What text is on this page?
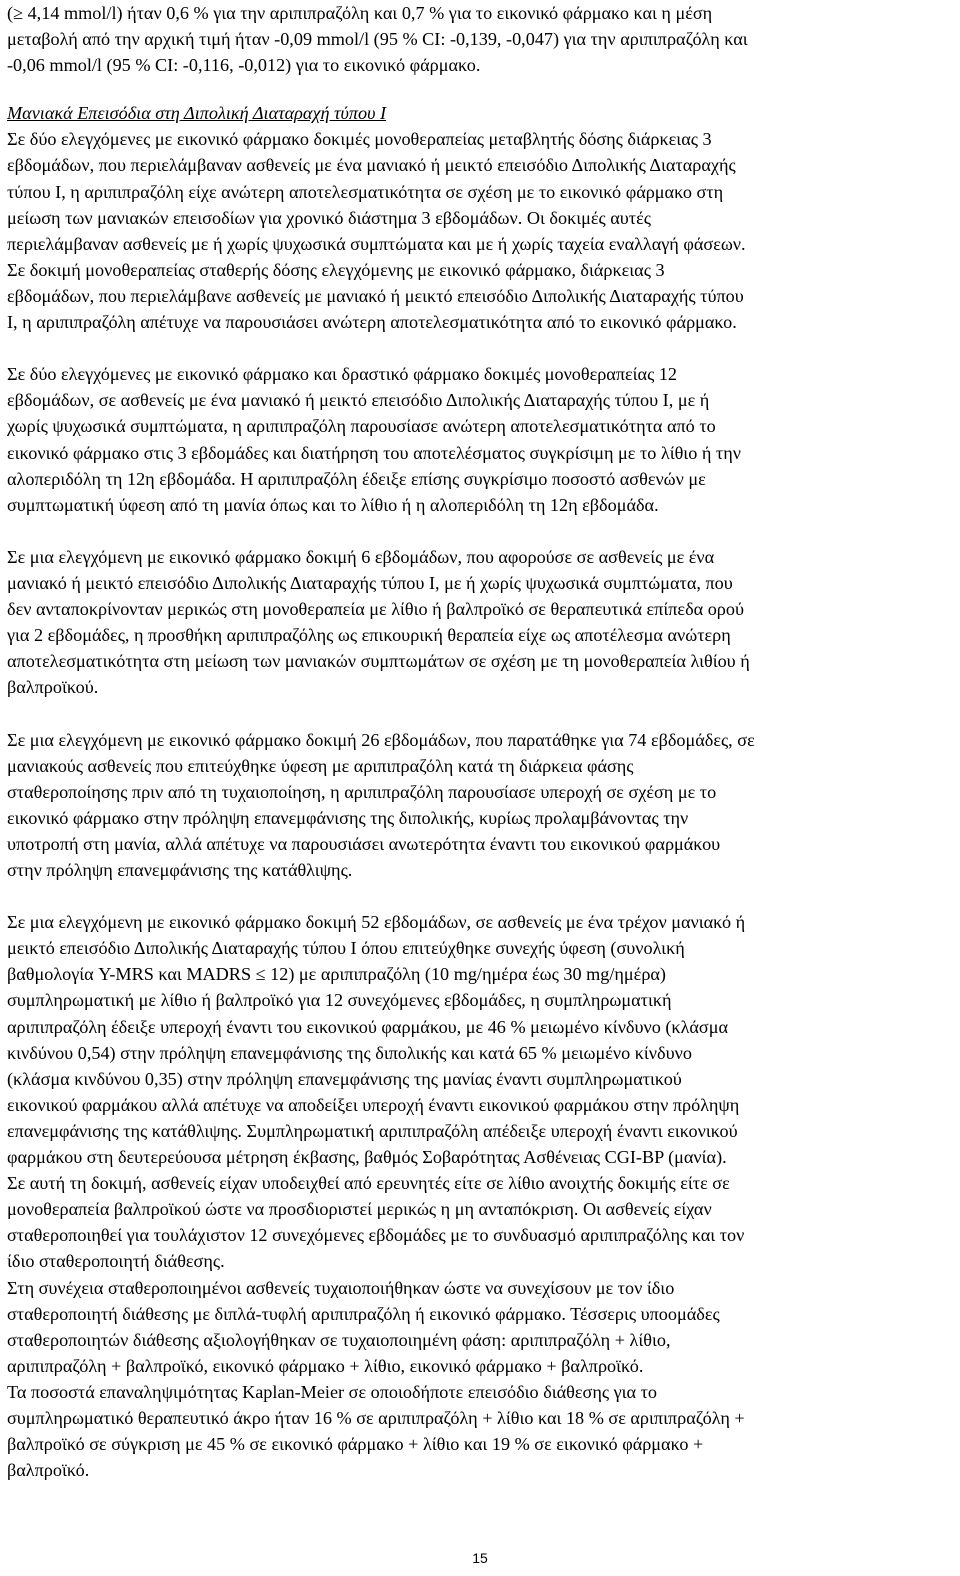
(≥ 4,14 mmol/l) ήταν 0,6 % για την αριπιπραζόλη και 0,7 % για το εικονικό φάρμακο και η μέση
μεταβολή από την αρχική τιμή ήταν -0,09 mmol/l (95 % CI: -0,139, -0,047) για την αριπιπραζόλη και
-0,06 mmol/l (95 % CI: -0,116, -0,012) για το εικονικό φάρμακο.
Μανιακά Επεισόδια στη Διπολική Διαταραχή τύπου Ι
Σε δύο ελεγχόμενες με εικονικό φάρμακο δοκιμές μονοθεραπείας μεταβλητής δόσης διάρκειας 3
εβδομάδων, που περιελάμβαναν ασθενείς με ένα μανιακό ή μεικτό επεισόδιο Διπολικής Διαταραχής
τύπου Ι, η αριπιπραζόλη είχε ανώτερη αποτελεσματικότητα σε σχέση με το εικονικό φάρμακο στη
μείωση των μανιακών επεισοδίων για χρονικό διάστημα 3 εβδομάδων. Οι δοκιμές αυτές
περιελάμβαναν ασθενείς με ή χωρίς ψυχωσικά συμπτώματα και με ή χωρίς ταχεία εναλλαγή φάσεων.
Σε δοκιμή μονοθεραπείας σταθερής δόσης ελεγχόμενης με εικονικό φάρμακο, διάρκειας 3
εβδομάδων, που περιελάμβανε ασθενείς με μανιακό ή μεικτό επεισόδιο Διπολικής Διαταραχής τύπου
Ι, η αριπιπραζόλη απέτυχε να παρουσιάσει ανώτερη αποτελεσματικότητα από το εικονικό φάρμακο.
Σε δύο ελεγχόμενες με εικονικό φάρμακο και δραστικό φάρμακο δοκιμές μονοθεραπείας 12
εβδομάδων, σε ασθενείς με ένα μανιακό ή μεικτό επεισόδιο Διπολικής Διαταραχής τύπου Ι, με ή
χωρίς ψυχωσικά συμπτώματα, η αριπιπραζόλη παρουσίασε ανώτερη αποτελεσματικότητα από το
εικονικό φάρμακο στις 3 εβδομάδες και διατήρηση του αποτελέσματος συγκρίσιμη με το λίθιο ή την
αλοπεριδόλη τη 12η εβδομάδα. Η αριπιπραζόλη έδειξε επίσης συγκρίσιμο ποσοστό ασθενών με
συμπτωματική ύφεση από τη μανία όπως και το λίθιο ή η αλοπεριδόλη τη 12η εβδομάδα.
Σε μια ελεγχόμενη με εικονικό φάρμακο δοκιμή 6 εβδομάδων, που αφορούσε σε ασθενείς με ένα
μανιακό ή μεικτό επεισόδιο Διπολικής Διαταραχής τύπου Ι, με ή χωρίς ψυχωσικά συμπτώματα, που
δεν ανταποκρίνονταν μερικώς στη μονοθεραπεία με λίθιο ή βαλπροϊκό σε θεραπευτικά επίπεδα ορού
για 2 εβδομάδες, η προσθήκη αριπιπραζόλης ως επικουρική θεραπεία είχε ως αποτέλεσμα ανώτερη
αποτελεσματικότητα στη μείωση των μανιακών συμπτωμάτων σε σχέση με τη μονοθεραπεία λιθίου ή
βαλπροϊκού.
Σε μια ελεγχόμενη με εικονικό φάρμακο δοκιμή 26 εβδομάδων, που παρατάθηκε για 74 εβδομάδες, σε
μανιακούς ασθενείς που επιτεύχθηκε ύφεση με αριπιπραζόλη κατά τη διάρκεια φάσης
σταθεροποίησης πριν από τη τυχαιοποίηση, η αριπιπραζόλη παρουσίασε υπεροχή σε σχέση με το
εικονικό φάρμακο στην πρόληψη επανεμφάνισης της διπολικής, κυρίως προλαμβάνοντας την
υποτροπή στη μανία, αλλά απέτυχε να παρουσιάσει ανωτερότητα έναντι του εικονικού φαρμάκου
στην πρόληψη επανεμφάνισης της κατάθλιψης.
Σε μια ελεγχόμενη με εικονικό φάρμακο δοκιμή 52 εβδομάδων, σε ασθενείς με ένα τρέχον μανιακό ή
μεικτό επεισόδιο Διπολικής Διαταραχής τύπου Ι όπου επιτεύχθηκε συνεχής ύφεση (συνολική
βαθμολογία Y-MRS και MADRS ≤ 12) με αριπιπραζόλη (10 mg/ημέρα έως 30 mg/ημέρα)
συμπληρωματική με λίθιο ή βαλπροϊκό για 12 συνεχόμενες εβδομάδες, η συμπληρωματική
αριπιπραζόλη έδειξε υπεροχή έναντι του εικονικού φαρμάκου, με 46 % μειωμένο κίνδυνο (κλάσμα
κινδύνου 0,54) στην πρόληψη επανεμφάνισης της διπολικής και κατά 65 % μειωμένο κίνδυνο
(κλάσμα κινδύνου 0,35) στην πρόληψη επανεμφάνισης της μανίας έναντι συμπληρωματικού
εικονικού φαρμάκου αλλά απέτυχε να αποδείξει υπεροχή έναντι εικονικού φαρμάκου στην πρόληψη
επανεμφάνισης της κατάθλιψης. Συμπληρωματική αριπιπραζόλη απέδειξε υπεροχή έναντι εικονικού
φαρμάκου στη δευτερεύουσα μέτρηση έκβασης, βαθμός Σοβαρότητας Ασθένειας CGI-BP (μανία).
Σε αυτή τη δοκιμή, ασθενείς είχαν υποδειχθεί από ερευνητές είτε σε λίθιο ανοιχτής δοκιμής είτε σε
μονοθεραπεία βαλπροϊκού ώστε να προσδιοριστεί μερικώς η μη ανταπόκριση. Οι ασθενείς είχαν
σταθεροποιηθεί για τουλάχιστον 12 συνεχόμενες εβδομάδες με το συνδυασμό αριπιπραζόλης και τον
ίδιο σταθεροποιητή διάθεσης.
Στη συνέχεια σταθεροποιημένοι ασθενείς τυχαιοποιήθηκαν ώστε να συνεχίσουν με τον ίδιο
σταθεροποιητή διάθεσης με διπλά-τυφλή αριπιπραζόλη ή εικονικό φάρμακο. Τέσσερις υποομάδες
σταθεροποιητών διάθεσης αξιολογήθηκαν σε τυχαιοποιημένη φάση: αριπιπραζόλη + λίθιο,
αριπιπραζόλη + βαλπροϊκό, εικονικό φάρμακο + λίθιο, εικονικό φάρμακο + βαλπροϊκό.
Τα ποσοστά επαναληψιμότητας Kaplan-Meier σε οποιοδήποτε επεισόδιο διάθεσης για το
συμπληρωματικό θεραπευτικό άκρο ήταν 16 % σε αριπιπραζόλη + λίθιο και 18 % σε αριπιπραζόλη +
βαλπροϊκό σε σύγκριση με 45 % σε εικονικό φάρμακο + λίθιο και 19 % σε εικονικό φάρμακο +
βαλπροϊκό.
15
